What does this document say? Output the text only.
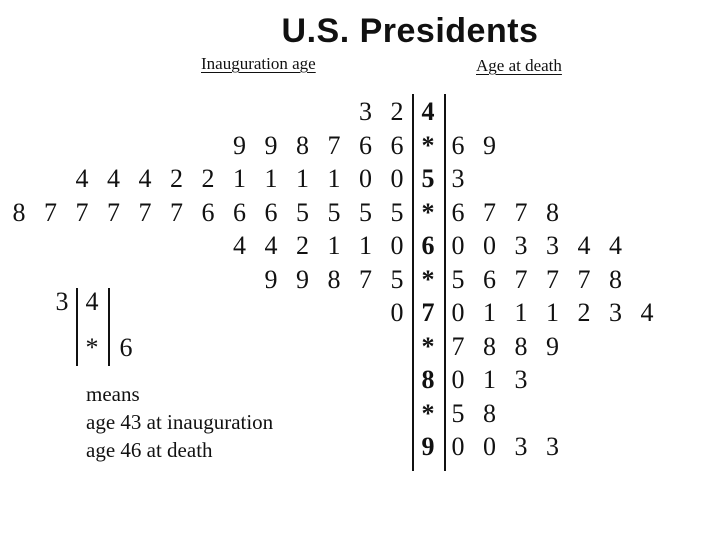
U.S. Presidents
Inauguration age	Age at death
4
3 2
*
9 9 8 7 6 6 6 9
5
4 4 4 2 2 1 1 1 1 0 0 3
*
8 7 7 7 7 7 6 6 6 5 5 5 5 6 7 7 8
6
4 4 2 1 1 0 0 0 3 3 4 4
*
9 9 8 7 5 5 6 7 7 7 8
7
0 0 1 1 1 2 3 4
* 7 8 8 9
8 0 1 3
* 5 8
9 0 0 3 3
3 4
* 6
means
age 43 at inauguration
age 46 at death
